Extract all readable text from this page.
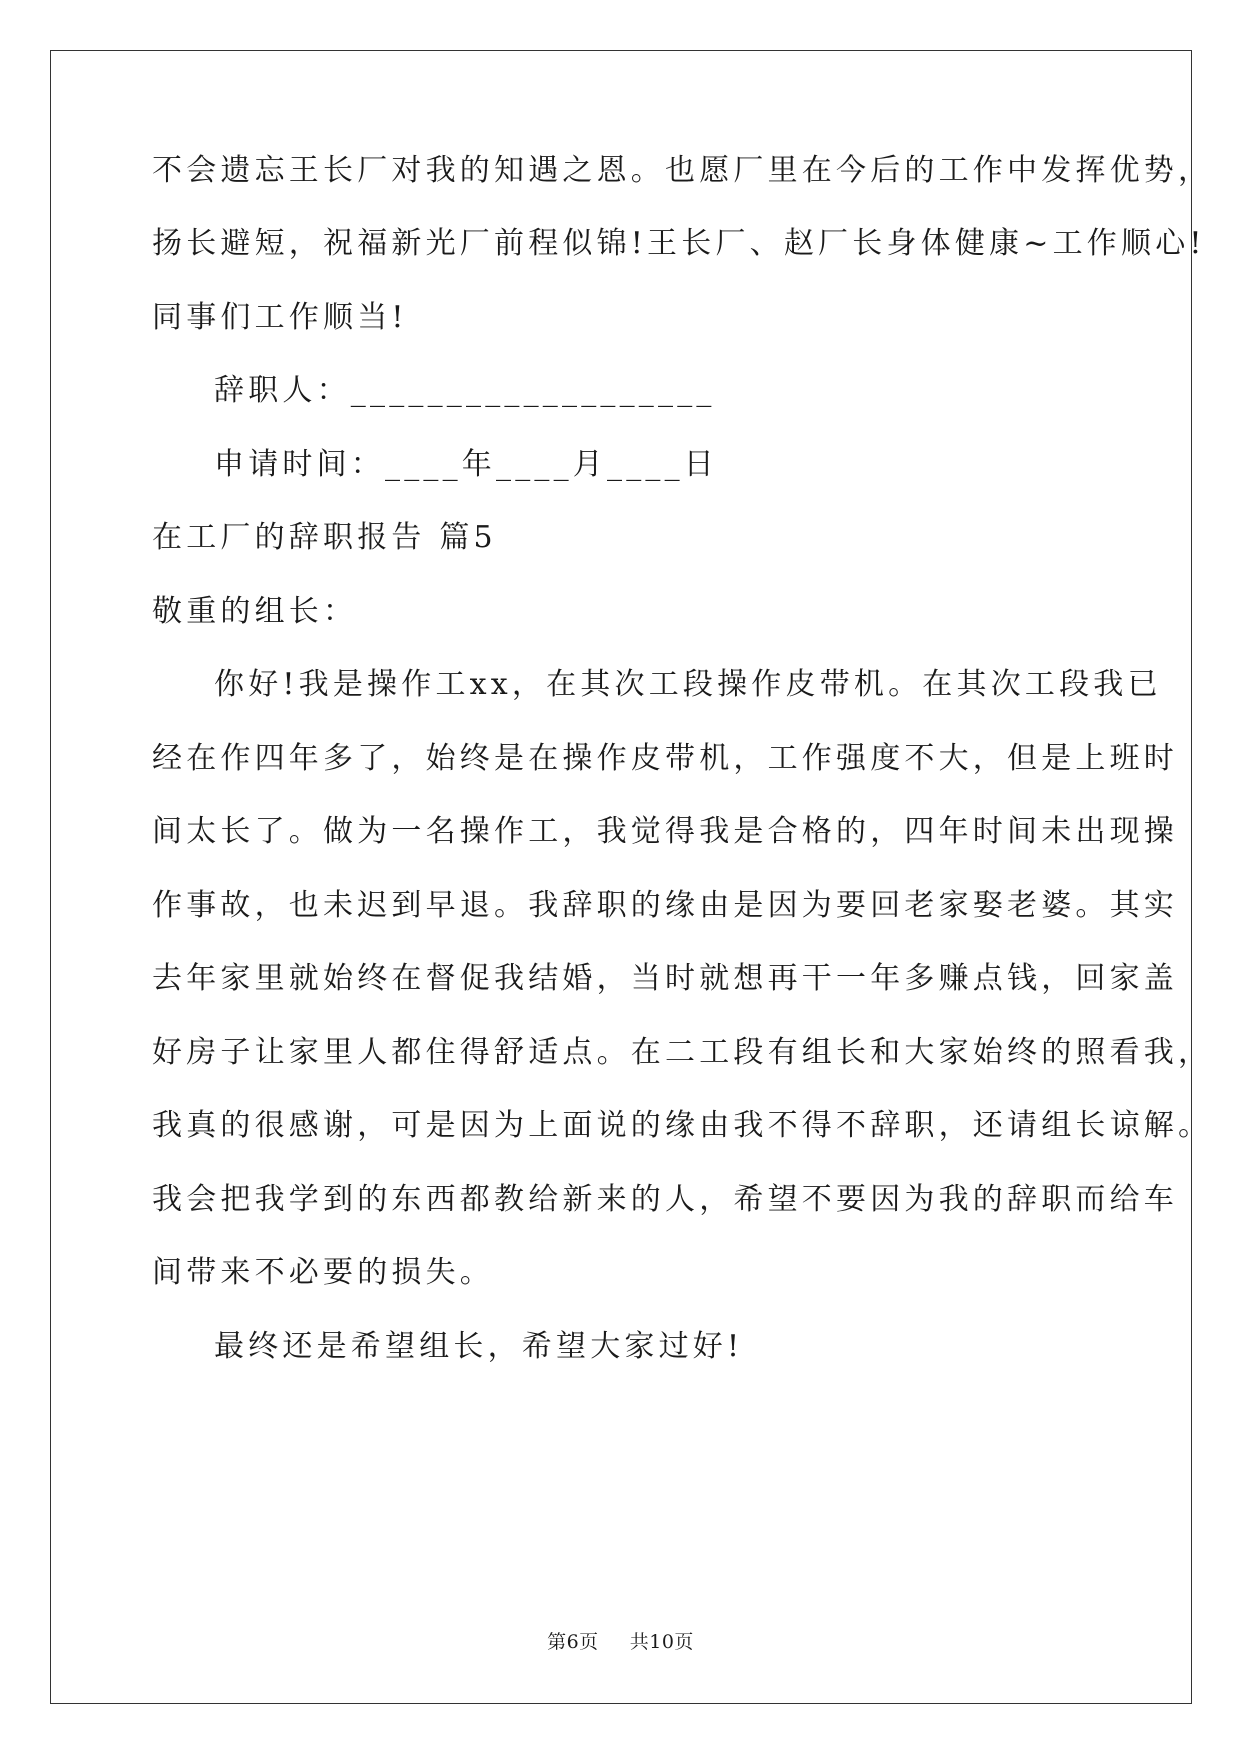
不会遗忘王长厂对我的知遇之恩。也愿厂里在今后的工作中发挥优势，
扬长避短，祝福新光厂前程似锦!王长厂、赵厂长身体健康~工作顺心!
同事们工作顺当!
辞职人：___________________
申请时间：____年____月____日
在工厂的辞职报告 篇5
敬重的组长：
你好!我是操作工xx，在其次工段操作皮带机。在其次工段我已
经在作四年多了，始终是在操作皮带机，工作强度不大，但是上班时
间太长了。做为一名操作工，我觉得我是合格的，四年时间未出现操
作事故，也未迟到早退。我辞职的缘由是因为要回老家娶老婆。其实
去年家里就始终在督促我结婚，当时就想再干一年多赚点钱，回家盖
好房子让家里人都住得舒适点。在二工段有组长和大家始终的照看我，
我真的很感谢，可是因为上面说的缘由我不得不辞职，还请组长谅解。
我会把我学到的东西都教给新来的人，希望不要因为我的辞职而给车
间带来不必要的损失。
最终还是希望组长，希望大家过好!
第6页 共10页
